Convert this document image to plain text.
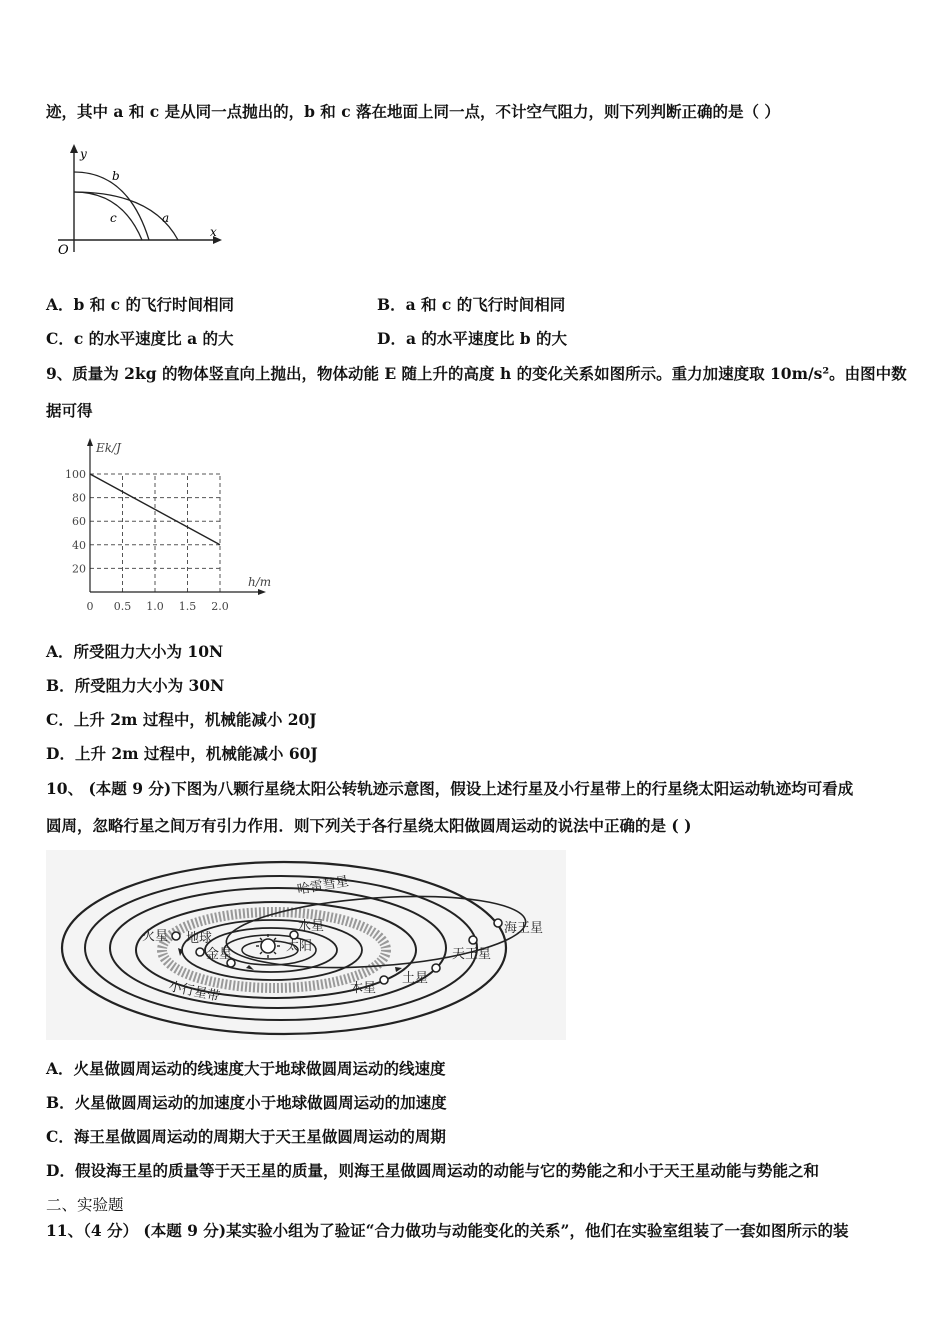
迹，其中 a 和 c 是从同一点抛出的，b 和 c 落在地面上同一点，不计空气阻力，则下列判断正确的是（ ）
y
x
O
b
c	a
A．b 和 c 的飞行时间相同	B．a 和 c 的飞行时间相同
C．c 的水平速度比 a 的大	D．a 的水平速度比 b 的大
9、质量为 2kg 的物体竖直向上抛出，物体动能 E 随上升的高度 h 的变化关系如图所示。重力加速度取 10m/s²。由图中数
据可得
0 0.5 1.0 1.5 2.0
20
40
60
80
100
Ek/J
h/m
A．所受阻力大小为 10N
B．所受阻力大小为 30N
C．上升 2m 过程中，机械能减小 20J
D．上升 2m 过程中，机械能减小 60J
10、 (本题 9 分)下图为八颗行星绕太阳公转轨迹示意图，假设上述行星及小行星带上的行星绕太阳运动轨迹均可看成
圆周，忽略行星之间万有引力作用．则下列关于各行星绕太阳做圆周运动的说法中正确的是 ( )
哈雷彗星
水星
太阳
火星 地球
金星
小行星带	木星
土星
天王星
海王星
A．火星做圆周运动的线速度大于地球做圆周运动的线速度
B．火星做圆周运动的加速度小于地球做圆周运动的加速度
C．海王星做圆周运动的周期大于天王星做圆周运动的周期
D．假设海王星的质量等于天王星的质量，则海王星做圆周运动的动能与它的势能之和小于天王星动能与势能之和
二、实验题
11、（4 分） (本题 9 分)某实验小组为了验证“合力做功与动能变化的关系”，他们在实验室组装了一套如图所示的装
